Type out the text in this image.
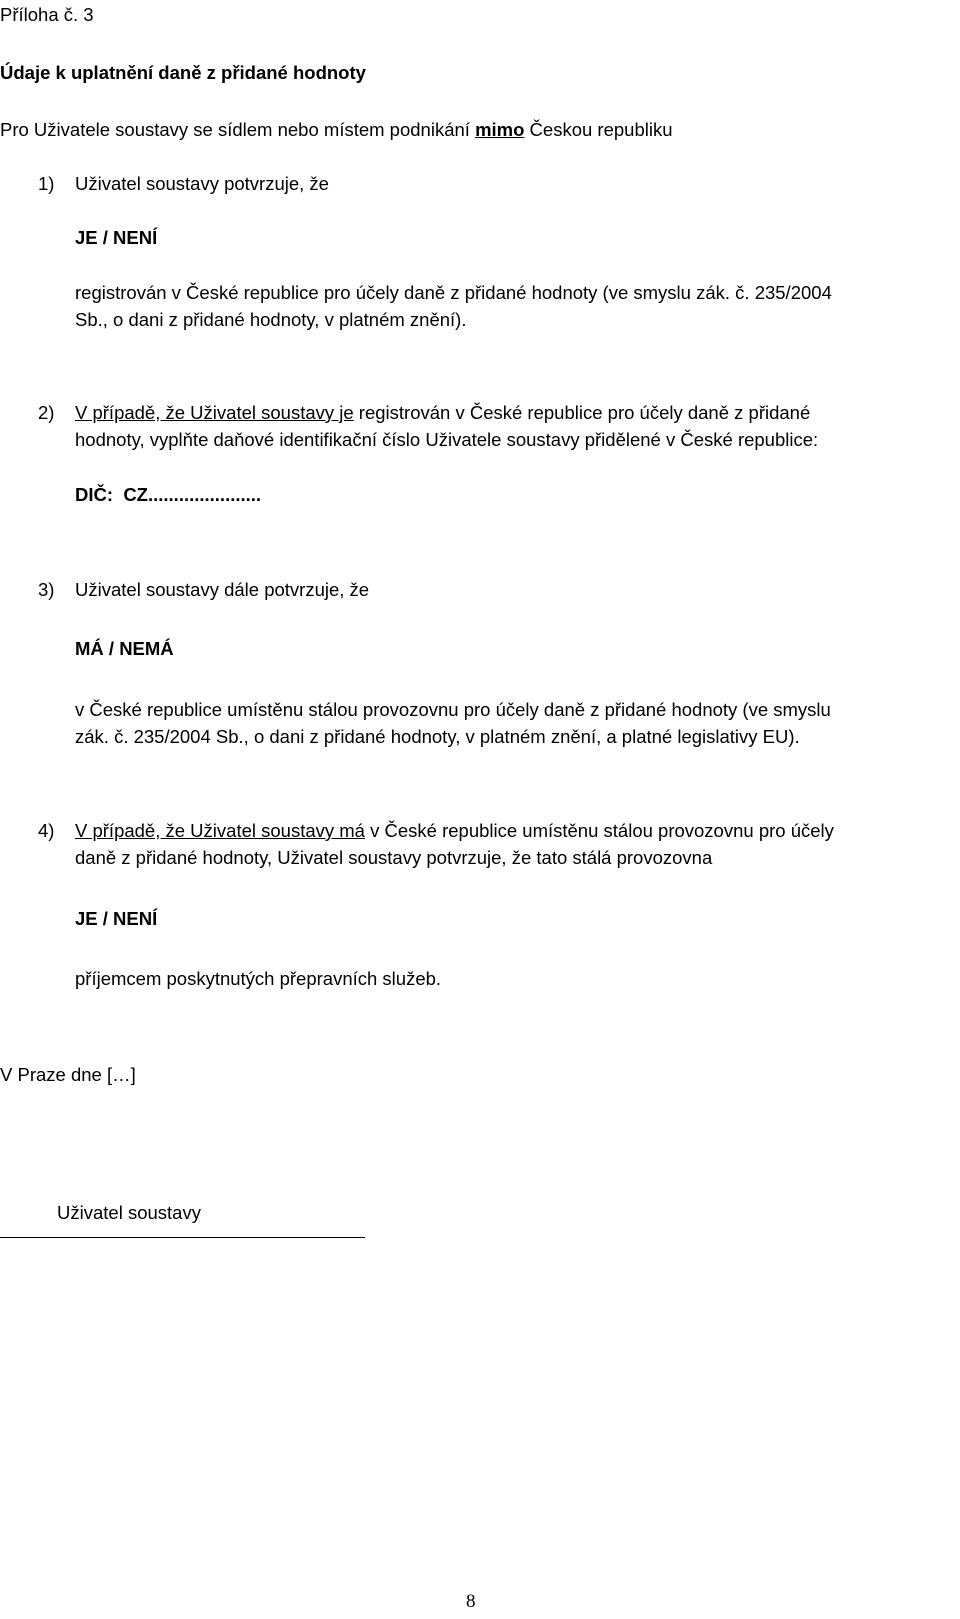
Příloha č. 3
Údaje k uplatnění daně z přidané hodnoty
Pro Uživatele soustavy se sídlem nebo místem podnikání mimo Českou republiku
1) Uživatel soustavy potvrzuje, že
JE / NENÍ
registrován v České republice pro účely daně z přidané hodnoty (ve smyslu zák. č. 235/2004
Sb., o dani z přidané hodnoty, v platném znění).
2) V případě, že Uživatel soustavy je registrován v České republice pro účely daně z přidané
hodnoty, vyplňte daňové identifikační číslo Uživatele soustavy přidělené v České republice:
DIČ: CZ......................
3) Uživatel soustavy dále potvrzuje, že
MÁ / NEMÁ
v České republice umístěnu stálou provozovnu pro účely daně z přidané hodnoty (ve smyslu
zák. č. 235/2004 Sb., o dani z přidané hodnoty, v platném znění, a platné legislativy EU).
4) V případě, že Uživatel soustavy má v České republice umístěnu stálou provozovnu pro účely
daně z přidané hodnoty, Uživatel soustavy potvrzuje, že tato stálá provozovna
JE / NENÍ
příjemcem poskytnutých přepravních služeb.
V Praze dne […]
Uživatel soustavy
8
